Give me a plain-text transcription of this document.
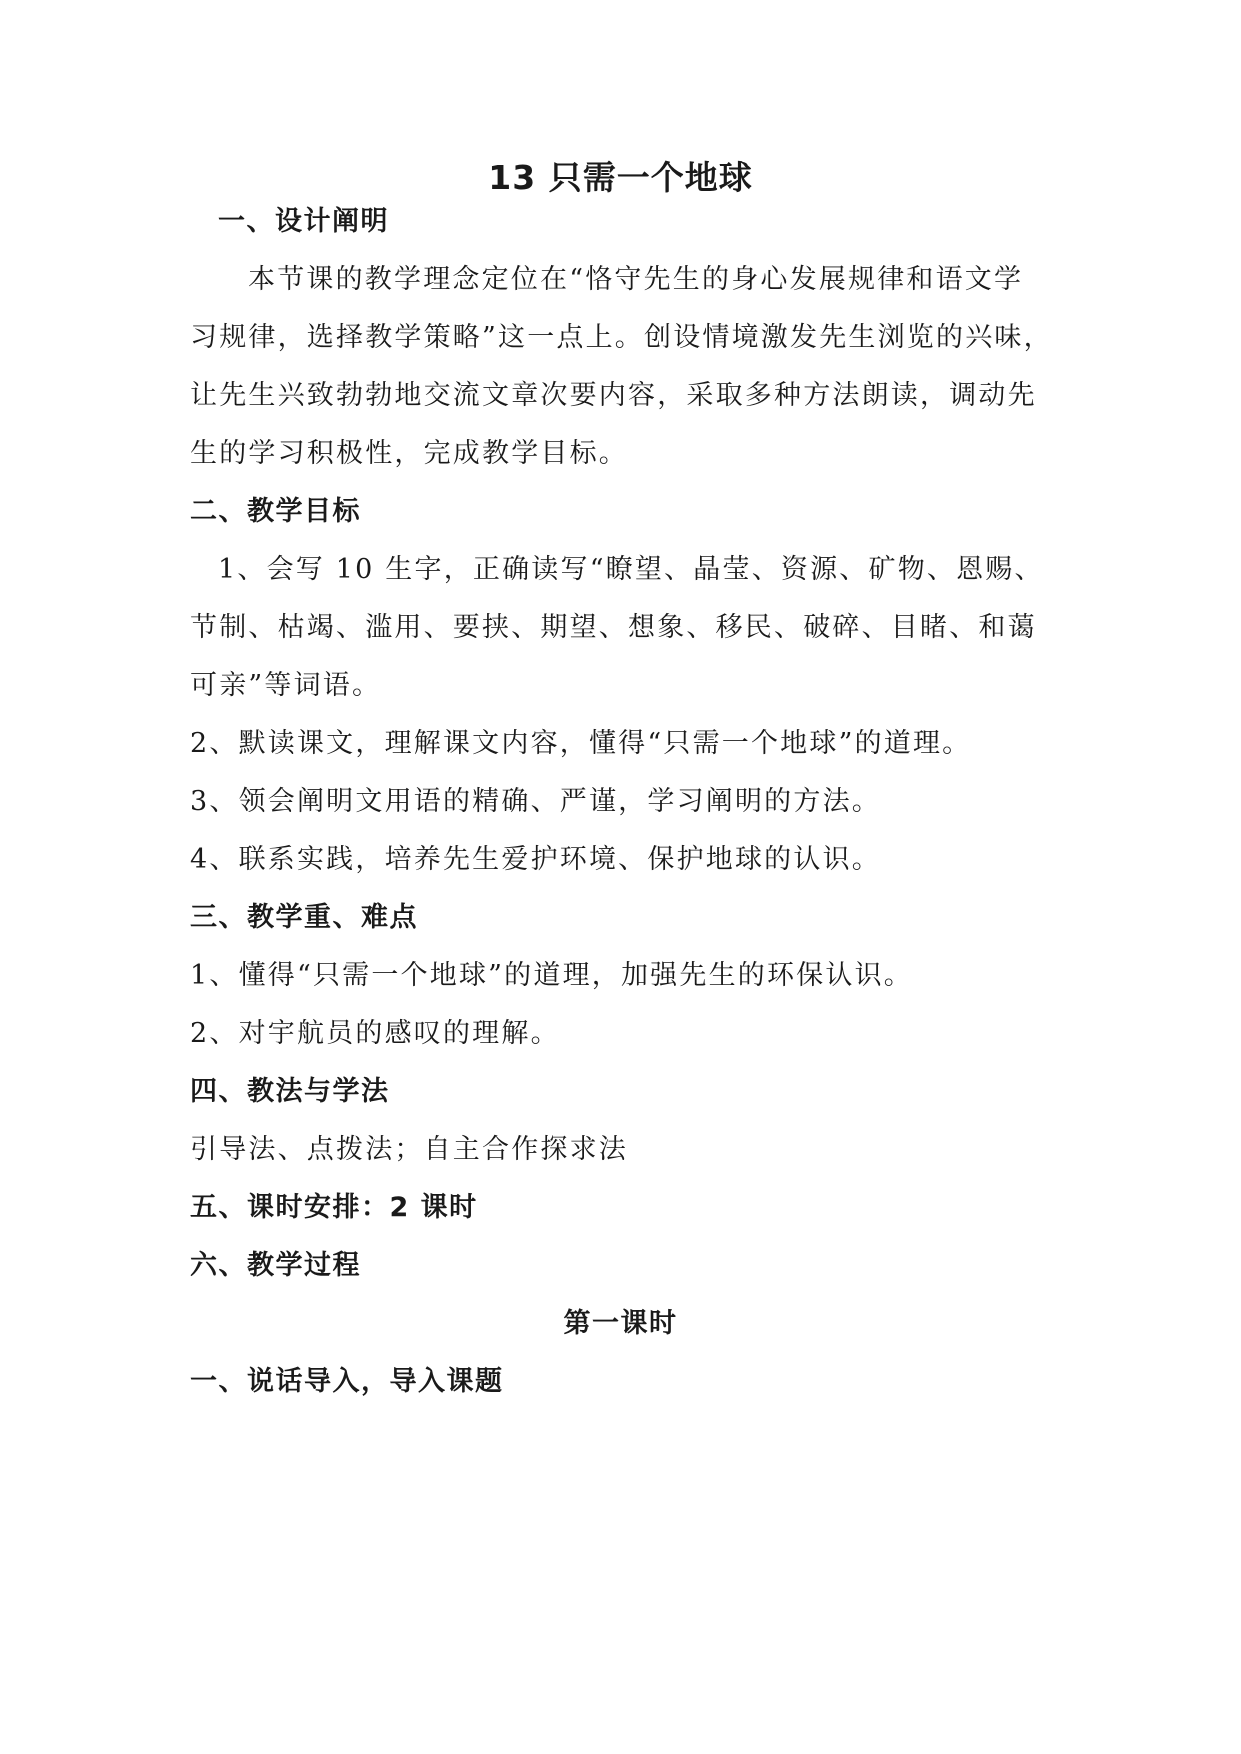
13 只需一个地球
一、设计阐明
本节课的教学理念定位在“恪守先生的身心发展规律和语文学
习规律，选择教学策略”这一点上。创设情境激发先生浏览的兴味，
让先生兴致勃勃地交流文章次要内容，采取多种方法朗读，调动先
生的学习积极性，完成教学目标。
二、教学目标
1、会写 10 生字，正确读写“瞭望、晶莹、资源、矿物、恩赐、
节制、枯竭、滥用、要挟、期望、想象、移民、破碎、目睹、和蔼
可亲”等词语。
2、默读课文，理解课文内容，懂得“只需一个地球”的道理。
3、领会阐明文用语的精确、严谨，学习阐明的方法。
4、联系实践，培养先生爱护环境、保护地球的认识。
三、教学重、难点
1、懂得“只需一个地球”的道理，加强先生的环保认识。
2、对宇航员的感叹的理解。
四、教法与学法
引导法、点拨法；自主合作探求法
五、课时安排：2 课时
六、教学过程
第一课时
一、说话导入，导入课题
